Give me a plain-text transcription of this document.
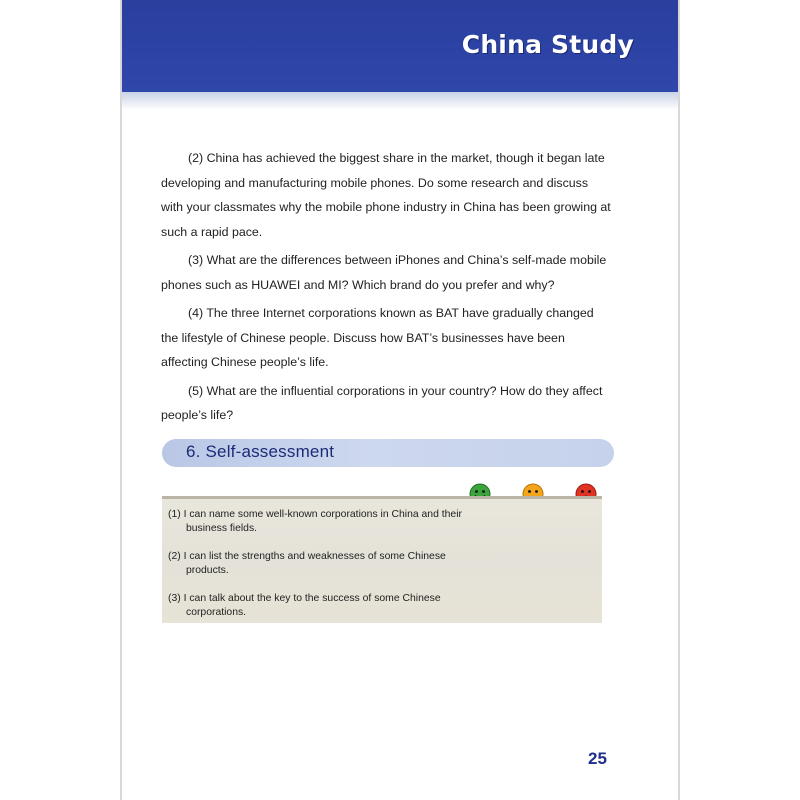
China Study

(2) China has achieved the biggest share in the market, though it began late developing and manufacturing mobile phones. Do some research and discuss with your classmates why the mobile phone industry in China has been growing at such a rapid pace.

(3) What are the differences between iPhones and China’s self-made mobile phones such as HUAWEI and MI? Which brand do you prefer and why?

(4) The three Internet corporations known as BAT have gradually changed the lifestyle of Chinese people. Discuss how BAT’s businesses have been affecting Chinese people’s life.

(5) What are the influential corporations in your country? How do they affect people’s life?

6. Self-assessment
(1) I can name some well-known corporations in China and their business fields.
(2) I can list the strengths and weaknesses of some Chinese products.
(3) I can talk about the key to the success of some Chinese corporations.
25
